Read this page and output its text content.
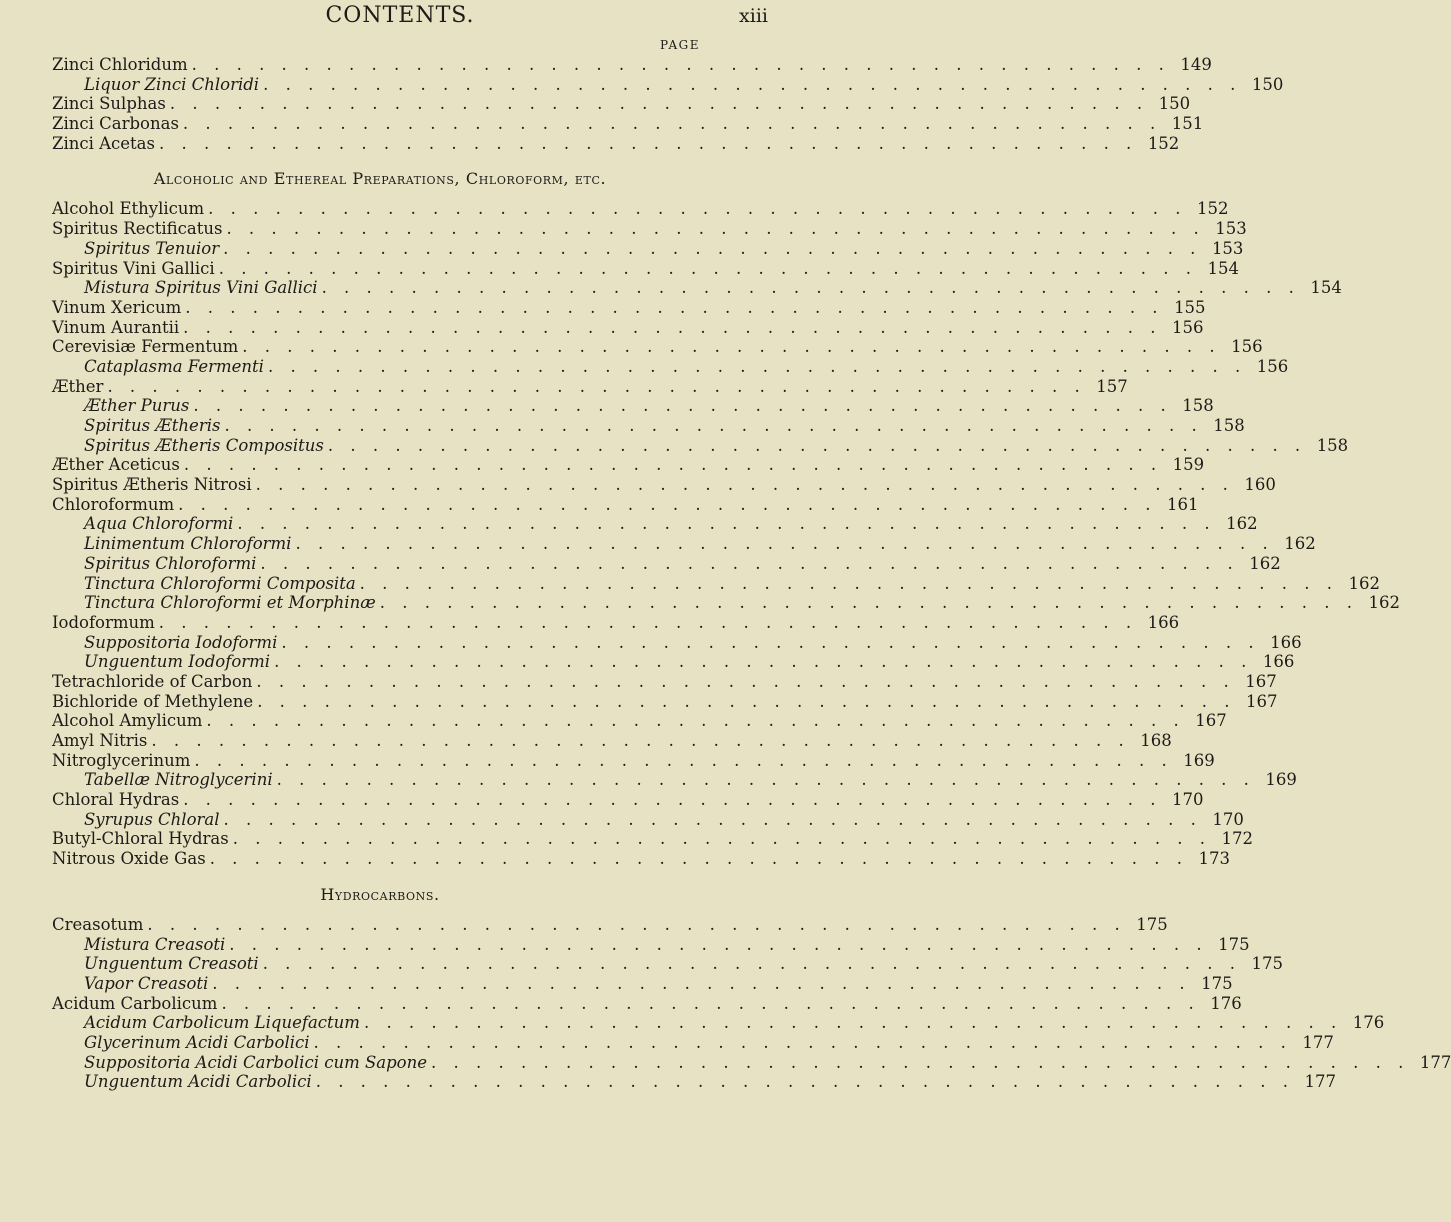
CONTENTS.	xiii
PAGE
Zinci Chloridum . . . . . . . . . . . . . . . . . . . . . . . . . . . . . . . . . . . . . . . . . . . . 149
Liquor Zinci Chloridi . . . . . . . . . . . . . . . . . . . . . . . . . . . . . . . . . . . . . . . . . . . . 150
Zinci Sulphas . . . . . . . . . . . . . . . . . . . . . . . . . . . . . . . . . . . . . . . . . . . . 150
Zinci Carbonas . . . . . . . . . . . . . . . . . . . . . . . . . . . . . . . . . . . . . . . . . . . . 151
Zinci Acetas . . . . . . . . . . . . . . . . . . . . . . . . . . . . . . . . . . . . . . . . . . . . 152
Alcoholic and Ethereal Preparations, Chloroform, etc.
Alcohol Ethylicum . . . . . . . . . . . . . . . . . . . . . . . . . . . . . . . . . . . . . . . . . . . . 152
Spiritus Rectificatus . . . . . . . . . . . . . . . . . . . . . . . . . . . . . . . . . . . . . . . . . . . . 153
Spiritus Tenuior . . . . . . . . . . . . . . . . . . . . . . . . . . . . . . . . . . . . . . . . . . . . 153
Spiritus Vini Gallici . . . . . . . . . . . . . . . . . . . . . . . . . . . . . . . . . . . . . . . . . . . . 154
Mistura Spiritus Vini Gallici . . . . . . . . . . . . . . . . . . . . . . . . . . . . . . . . . . . . . . . . . . . . 154
Vinum Xericum . . . . . . . . . . . . . . . . . . . . . . . . . . . . . . . . . . . . . . . . . . . . 155
Vinum Aurantii . . . . . . . . . . . . . . . . . . . . . . . . . . . . . . . . . . . . . . . . . . . . 156
Cerevisiæ Fermentum . . . . . . . . . . . . . . . . . . . . . . . . . . . . . . . . . . . . . . . . . . . . 156
Cataplasma Fermenti . . . . . . . . . . . . . . . . . . . . . . . . . . . . . . . . . . . . . . . . . . . . 156
Æther . . . . . . . . . . . . . . . . . . . . . . . . . . . . . . . . . . . . . . . . . . . . 157
Æther Purus . . . . . . . . . . . . . . . . . . . . . . . . . . . . . . . . . . . . . . . . . . . . 158
Spiritus Ætheris . . . . . . . . . . . . . . . . . . . . . . . . . . . . . . . . . . . . . . . . . . . . 158
Spiritus Ætheris Compositus . . . . . . . . . . . . . . . . . . . . . . . . . . . . . . . . . . . . . . . . . . . . 158
Æther Aceticus . . . . . . . . . . . . . . . . . . . . . . . . . . . . . . . . . . . . . . . . . . . . 159
Spiritus Ætheris Nitrosi . . . . . . . . . . . . . . . . . . . . . . . . . . . . . . . . . . . . . . . . . . . . 160
Chloroformum . . . . . . . . . . . . . . . . . . . . . . . . . . . . . . . . . . . . . . . . . . . . 161
Aqua Chloroformi . . . . . . . . . . . . . . . . . . . . . . . . . . . . . . . . . . . . . . . . . . . . 162
Linimentum Chloroformi . . . . . . . . . . . . . . . . . . . . . . . . . . . . . . . . . . . . . . . . . . . . 162
Spiritus Chloroformi . . . . . . . . . . . . . . . . . . . . . . . . . . . . . . . . . . . . . . . . . . . . 162
Tinctura Chloroformi Composita . . . . . . . . . . . . . . . . . . . . . . . . . . . . . . . . . . . . . . . . . . . . 162
Tinctura Chloroformi et Morphinæ . . . . . . . . . . . . . . . . . . . . . . . . . . . . . . . . . . . . . . . . . . . . 162
Iodoformum . . . . . . . . . . . . . . . . . . . . . . . . . . . . . . . . . . . . . . . . . . . . 166
Suppositoria Iodoformi . . . . . . . . . . . . . . . . . . . . . . . . . . . . . . . . . . . . . . . . . . . . 166
Unguentum Iodoformi . . . . . . . . . . . . . . . . . . . . . . . . . . . . . . . . . . . . . . . . . . . . 166
Tetrachloride of Carbon . . . . . . . . . . . . . . . . . . . . . . . . . . . . . . . . . . . . . . . . . . . . 167
Bichloride of Methylene . . . . . . . . . . . . . . . . . . . . . . . . . . . . . . . . . . . . . . . . . . . . 167
Alcohol Amylicum . . . . . . . . . . . . . . . . . . . . . . . . . . . . . . . . . . . . . . . . . . . . 167
Amyl Nitris . . . . . . . . . . . . . . . . . . . . . . . . . . . . . . . . . . . . . . . . . . . . 168
Nitroglycerinum . . . . . . . . . . . . . . . . . . . . . . . . . . . . . . . . . . . . . . . . . . . . 169
Tabellæ Nitroglycerini . . . . . . . . . . . . . . . . . . . . . . . . . . . . . . . . . . . . . . . . . . . . 169
Chloral Hydras . . . . . . . . . . . . . . . . . . . . . . . . . . . . . . . . . . . . . . . . . . . . 170
Syrupus Chloral . . . . . . . . . . . . . . . . . . . . . . . . . . . . . . . . . . . . . . . . . . . . 170
Butyl-Chloral Hydras . . . . . . . . . . . . . . . . . . . . . . . . . . . . . . . . . . . . . . . . . . . . 172
Nitrous Oxide Gas . . . . . . . . . . . . . . . . . . . . . . . . . . . . . . . . . . . . . . . . . . . . 173
Hydrocarbons.
Creasotum . . . . . . . . . . . . . . . . . . . . . . . . . . . . . . . . . . . . . . . . . . . . 175
Mistura Creasoti . . . . . . . . . . . . . . . . . . . . . . . . . . . . . . . . . . . . . . . . . . . . 175
Unguentum Creasoti . . . . . . . . . . . . . . . . . . . . . . . . . . . . . . . . . . . . . . . . . . . . 175
Vapor Creasoti . . . . . . . . . . . . . . . . . . . . . . . . . . . . . . . . . . . . . . . . . . . . 175
Acidum Carbolicum . . . . . . . . . . . . . . . . . . . . . . . . . . . . . . . . . . . . . . . . . . . . 176
Acidum Carbolicum Liquefactum . . . . . . . . . . . . . . . . . . . . . . . . . . . . . . . . . . . . . . . . . . . . 176
Glycerinum Acidi Carbolici . . . . . . . . . . . . . . . . . . . . . . . . . . . . . . . . . . . . . . . . . . . . 177
Suppositoria Acidi Carbolici cum Sapone . . . . . . . . . . . . . . . . . . . . . . . . . . . . . . . . . . . . . . . . . . . . 177
Unguentum Acidi Carbolici . . . . . . . . . . . . . . . . . . . . . . . . . . . . . . . . . . . . . . . . . . . . 177
